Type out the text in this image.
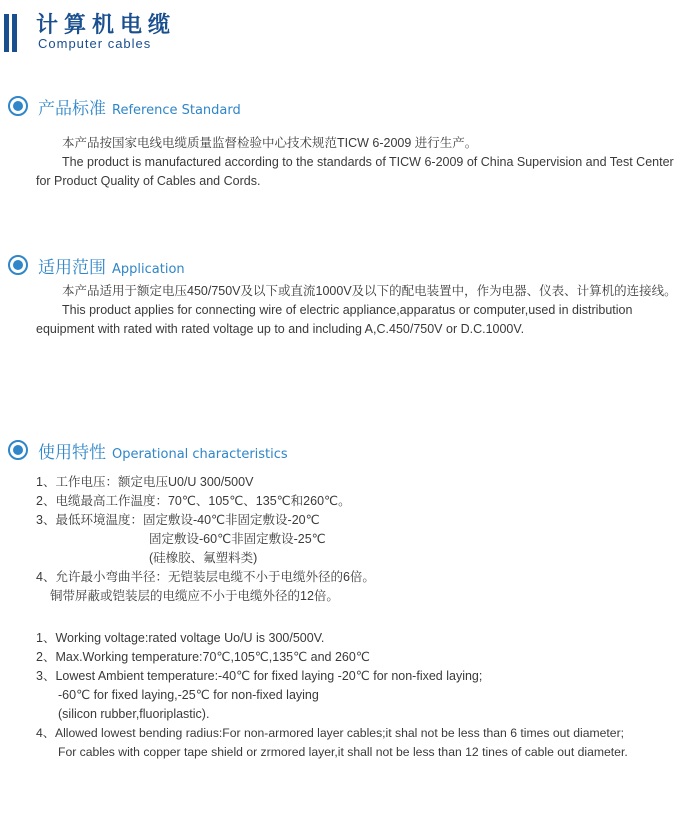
计算机电缆
Computer cables
产品标准 Reference Standard
本产品按国家电线电缆质量监督检验中心技术规范TICW 6-2009 进行生产。
The product is manufactured according to the standards of TICW 6-2009 of China Supervision and Test Center for Product Quality of Cables and Cords.
适用范围 Application
本产品适用于额定电压450/750V及以下或直流1000V及以下的配电装置中，作为电器、仪表、计算机的连接线。
This product applies for connecting wire of electric appliance,apparatus or computer,used in distribution equipment with rated with rated voltage up to and including A,C.450/750V or D.C.1000V.
使用特性 Operational characteristics
1、工作电压：额定电压U0/U 300/500V
2、电缆最高工作温度：70℃、105℃、135℃和260℃。
3、最低环境温度：固定敷设-40℃非固定敷设-20℃
固定敷设-60℃非固定敷设-25℃
(硅橡胶、氟塑料类)
4、允许最小弯曲半径：无铠装层电缆不小于电缆外径的6倍。
铜带屏蔽或铠装层的电缆应不小于电缆外径的12倍。
1、Working voltage:rated voltage Uo/U is 300/500V.
2、Max.Working temperature:70℃,105℃,135℃ and 260℃
3、Lowest Ambient temperature:-40℃ for fixed laying -20℃ for non-fixed laying;
-60℃ for fixed laying,-25℃ for non-fixed laying
(silicon rubber,fluoriplastic).
4、Allowed lowest bending radius:For non-armored layer cables;it shal not be less than 6 times out diameter;
For cables with copper tape shield or zrmored layer,it shall not be less than 12 tines of cable out diameter.
